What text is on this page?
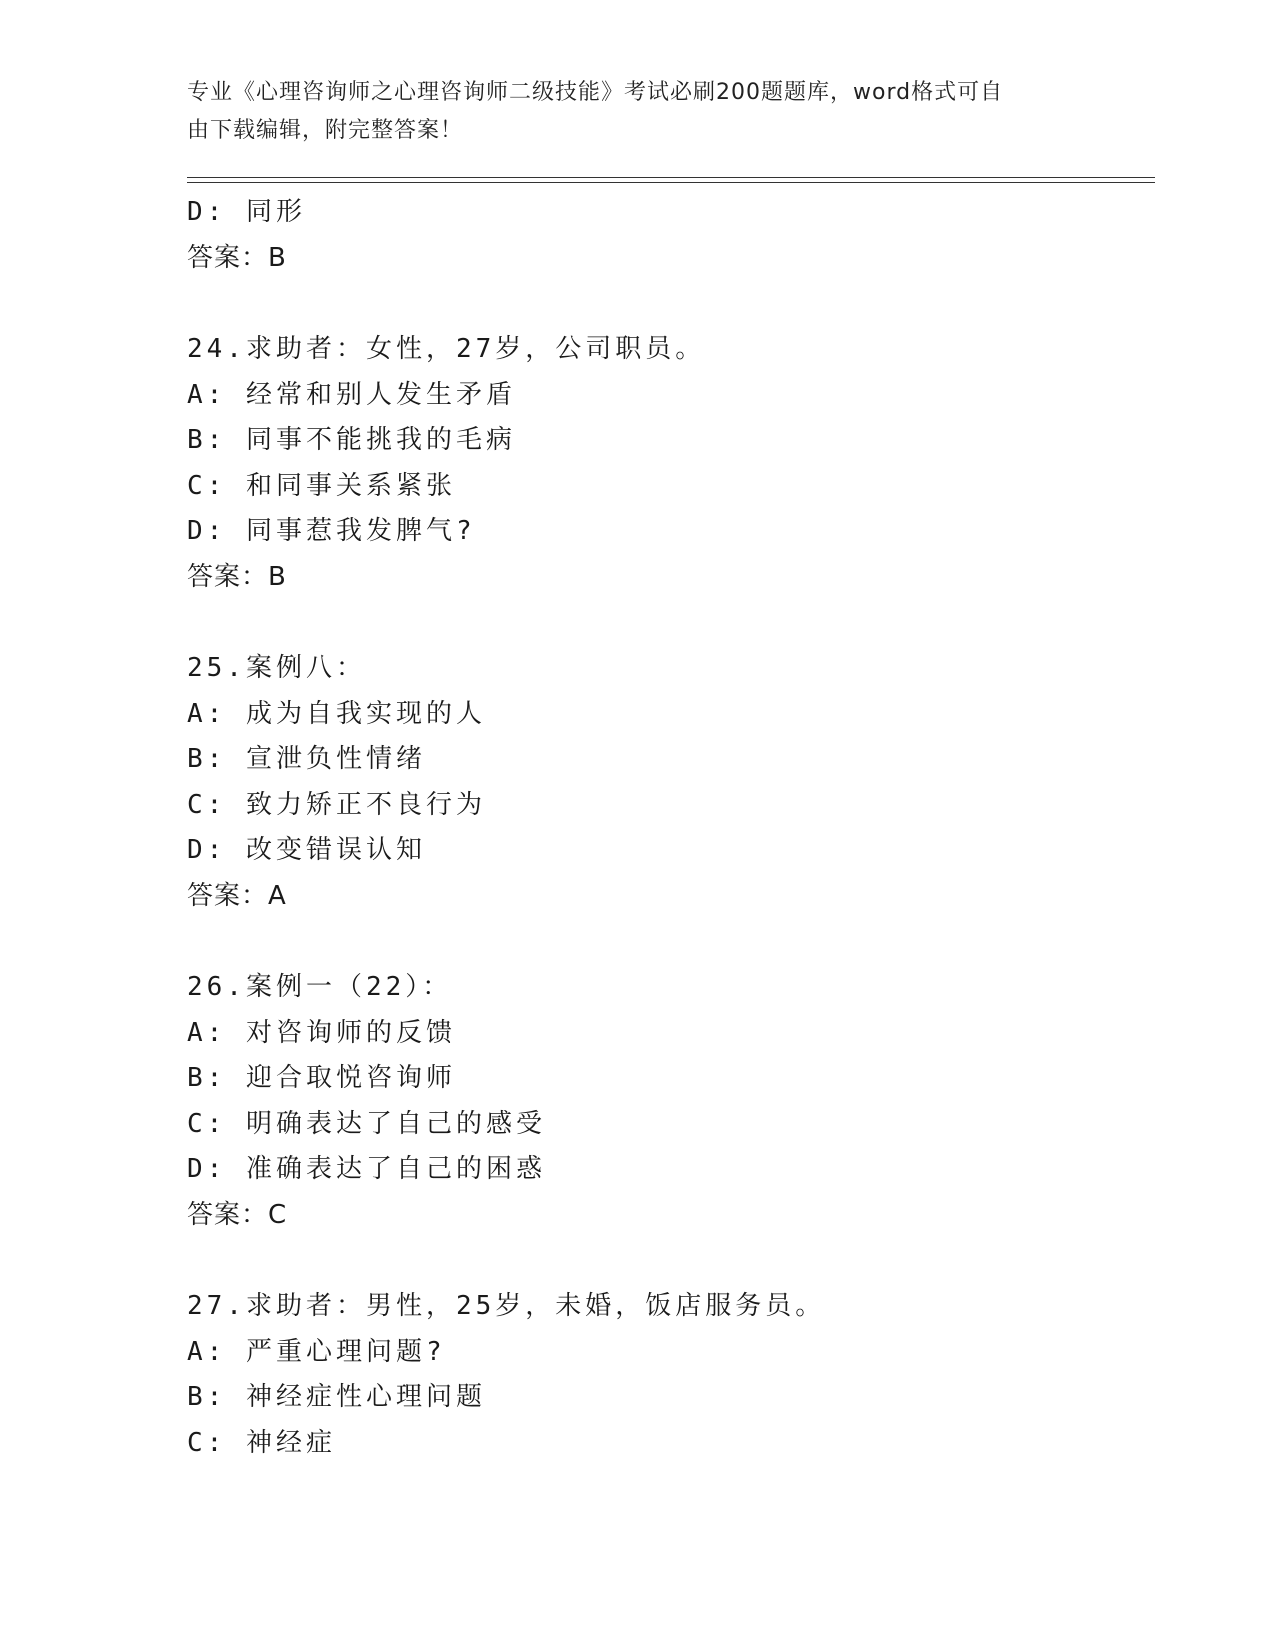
专业《心理咨询师之心理咨询师二级技能》考试必刷200题题库，word格式可自
由下载编辑，附完整答案！
D: 同形
答案：B
24.求助者：女性，27岁，公司职员。
A: 经常和别人发生矛盾
B: 同事不能挑我的毛病
C: 和同事关系紧张
D: 同事惹我发脾气?
答案：B
25.案例八：
A: 成为自我实现的人
B: 宣泄负性情绪
C: 致力矫正不良行为
D: 改变错误认知
答案：A
26.案例一（22）：
A: 对咨询师的反馈
B: 迎合取悦咨询师
C: 明确表达了自己的感受
D: 准确表达了自己的困惑
答案：C
27.求助者：男性，25岁，未婚，饭店服务员。
A: 严重心理问题?
B: 神经症性心理问题
C: 神经症
